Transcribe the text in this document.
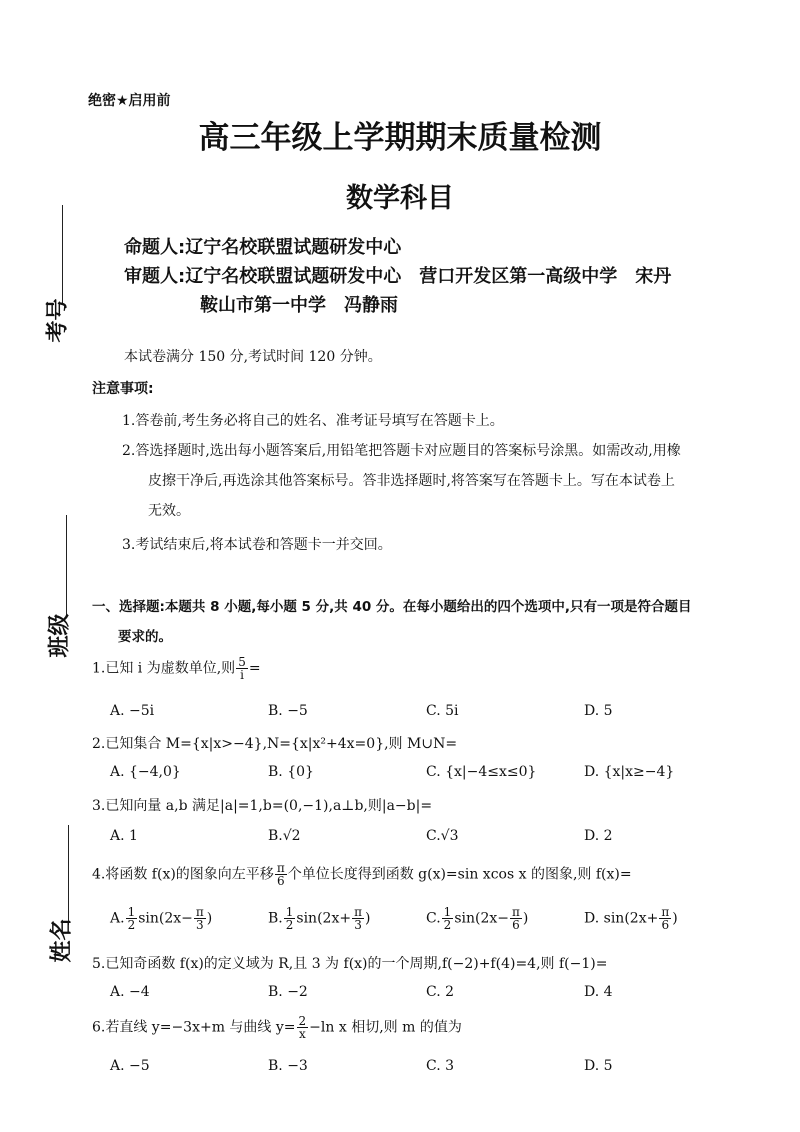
考号
班级
姓名
绝密★启用前
高三年级上学期期末质量检测
数学科目
命题人:辽宁名校联盟试题研发中心
审题人:辽宁名校联盟试题研发中心　营口开发区第一高级中学　宋丹
鞍山市第一中学　冯静雨
本试卷满分 150 分,考试时间 120 分钟。
注意事项:
1.答卷前,考生务必将自己的姓名、准考证号填写在答题卡上。
2.答选择题时,选出每小题答案后,用铅笔把答题卡对应题目的答案标号涂黑。如需改动,用橡
皮擦干净后,再选涂其他答案标号。答非选择题时,将答案写在答题卡上。写在本试卷上
无效。
3.考试结束后,将本试卷和答题卡一并交回。
一、选择题:本题共 8 小题,每小题 5 分,共 40 分。在每小题给出的四个选项中,只有一项是符合题目
要求的。
1.已知 i 为虚数单位,则 $\frac{5}{i}$ =
A. −5i	B. −5	C. 5i	D. 5
2.已知集合 M={x|x>−4},N={x|x²+4x=0},则 M∪N=
A. {−4,0}	B. {0}	C. {x|−4≤x≤0}	D. {x|x≥−4}
3.已知向量 a,b 满足|a|=1,b=(0,−1),a⊥b,则|a−b|=
A. 1	B.√2	C.√3	D. 2
4.将函数 f(x)的图象向左平移 $\frac{\pi}{6}$ 个单位长度得到函数 g(x)=sin xcos x 的图象,则 f(x)=
A. $\frac{1}{2} \sin(2x- \frac{\pi}{3}$ )	B. $\frac{1}{2} \sin(2x+ \frac{\pi}{3}$ )	C. $\frac{1}{2} \sin(2x- \frac{\pi}{6}$ )	D. $\sin(2x+ \frac{\pi}{6}$ )
5.已知奇函数 f(x)的定义域为 R,且 3 为 f(x)的一个周期,f(−2)+f(4)=4,则 f(−1)=
A. −4	B. −2	C. 2	D. 4
6.若直线 y=−3x+m 与曲线 $y= \frac{2}{x} -\ln$ x 相切,则 m 的值为
A. −5	B. −3	C. 3	D. 5
